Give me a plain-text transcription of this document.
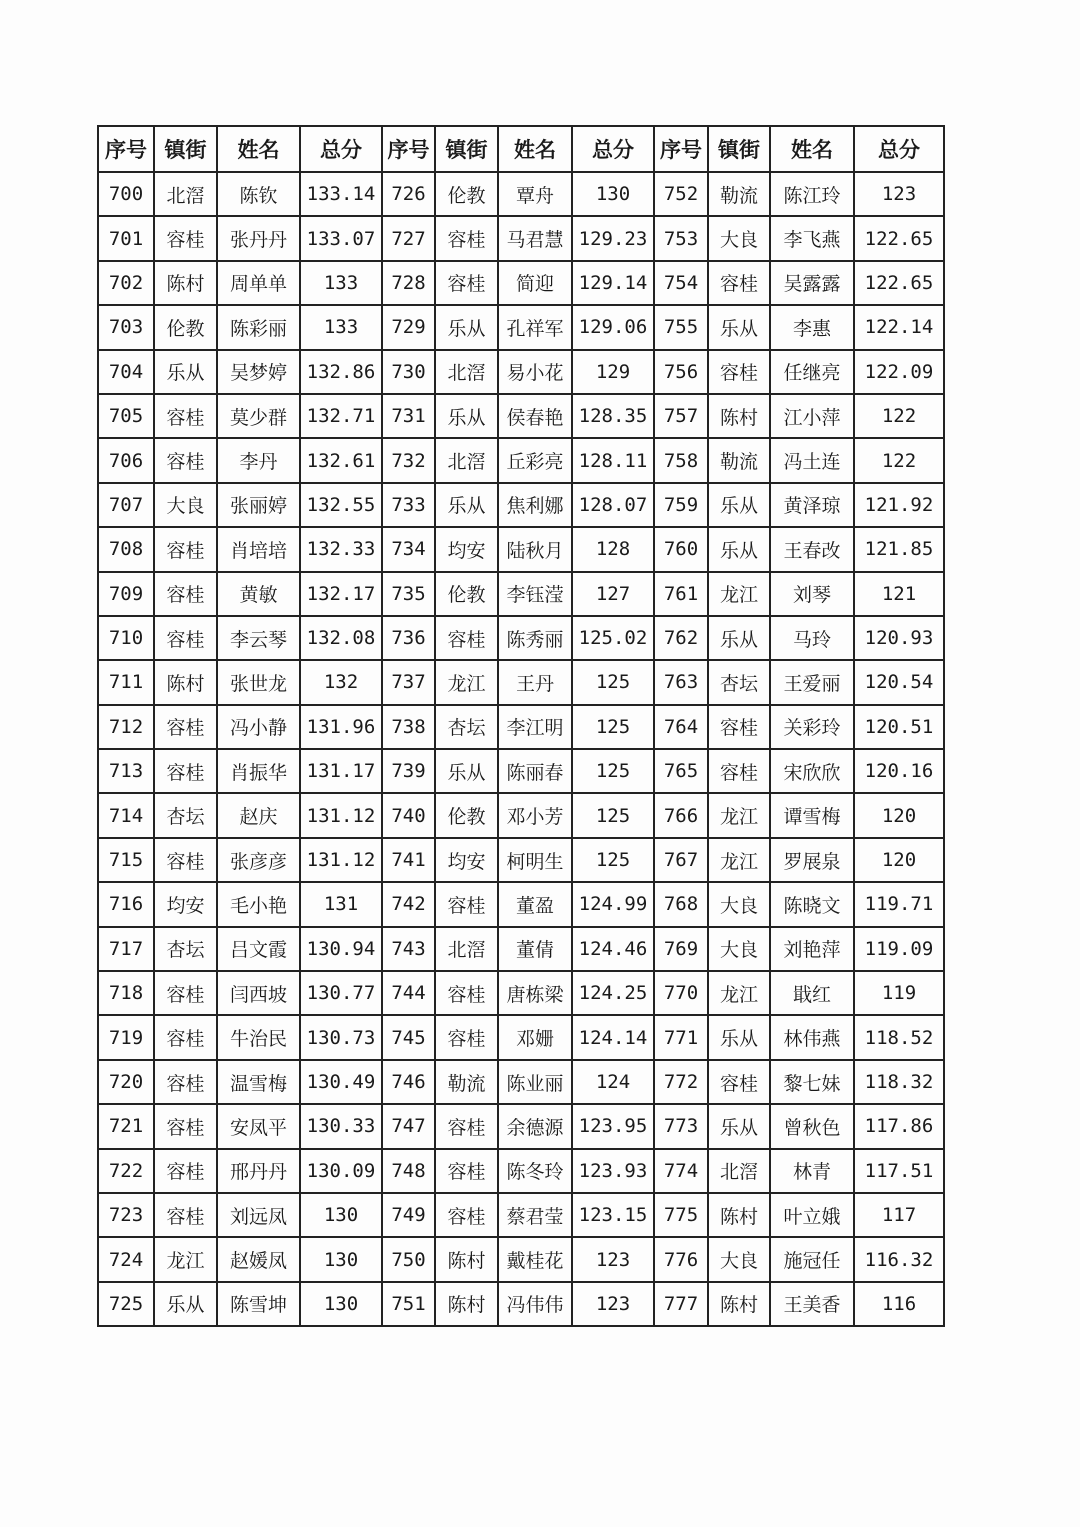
序号	镇街	姓名	总分	序号	镇街	姓名	总分	序号	镇街	姓名	总分
700	北滘	陈钦	133.14	726	伦教	覃舟	130	752	勒流	陈江玲	123
701	容桂	张丹丹	133.07	727	容桂	马君慧	129.23	753	大良	李飞燕	122.65
702	陈村	周单单	133	728	容桂	简迎	129.14	754	容桂	吴露露	122.65
703	伦教	陈彩丽	133	729	乐从	孔祥军	129.06	755	乐从	李惠	122.14
704	乐从	吴梦婷	132.86	730	北滘	易小花	129	756	容桂	任继亮	122.09
705	容桂	莫少群	132.71	731	乐从	侯春艳	128.35	757	陈村	江小萍	122
706	容桂	李丹	132.61	732	北滘	丘彩亮	128.11	758	勒流	冯土连	122
707	大良	张丽婷	132.55	733	乐从	焦利娜	128.07	759	乐从	黄泽琼	121.92
708	容桂	肖培培	132.33	734	均安	陆秋月	128	760	乐从	王春改	121.85
709	容桂	黄敏	132.17	735	伦教	李钰滢	127	761	龙江	刘琴	121
710	容桂	李云琴	132.08	736	容桂	陈秀丽	125.02	762	乐从	马玲	120.93
711	陈村	张世龙	132	737	龙江	王丹	125	763	杏坛	王爱丽	120.54
712	容桂	冯小静	131.96	738	杏坛	李江明	125	764	容桂	关彩玲	120.51
713	容桂	肖振华	131.17	739	乐从	陈丽春	125	765	容桂	宋欣欣	120.16
714	杏坛	赵庆	131.12	740	伦教	邓小芳	125	766	龙江	谭雪梅	120
715	容桂	张彦彦	131.12	741	均安	柯明生	125	767	龙江	罗展泉	120
716	均安	毛小艳	131	742	容桂	董盈	124.99	768	大良	陈晓文	119.71
717	杏坛	吕文霞	130.94	743	北滘	董倩	124.46	769	大良	刘艳萍	119.09
718	容桂	闫西坡	130.77	744	容桂	唐栋梁	124.25	770	龙江	戢红	119
719	容桂	牛治民	130.73	745	容桂	邓姗	124.14	771	乐从	林伟燕	118.52
720	容桂	温雪梅	130.49	746	勒流	陈业丽	124	772	容桂	黎七妹	118.32
721	容桂	安凤平	130.33	747	容桂	余德源	123.95	773	乐从	曾秋色	117.86
722	容桂	邢丹丹	130.09	748	容桂	陈冬玲	123.93	774	北滘	林青	117.51
723	容桂	刘远凤	130	749	容桂	蔡君莹	123.15	775	陈村	叶立娥	117
724	龙江	赵媛凤	130	750	陈村	戴桂花	123	776	大良	施冠任	116.32
725	乐从	陈雪坤	130	751	陈村	冯伟伟	123	777	陈村	王美香	116
